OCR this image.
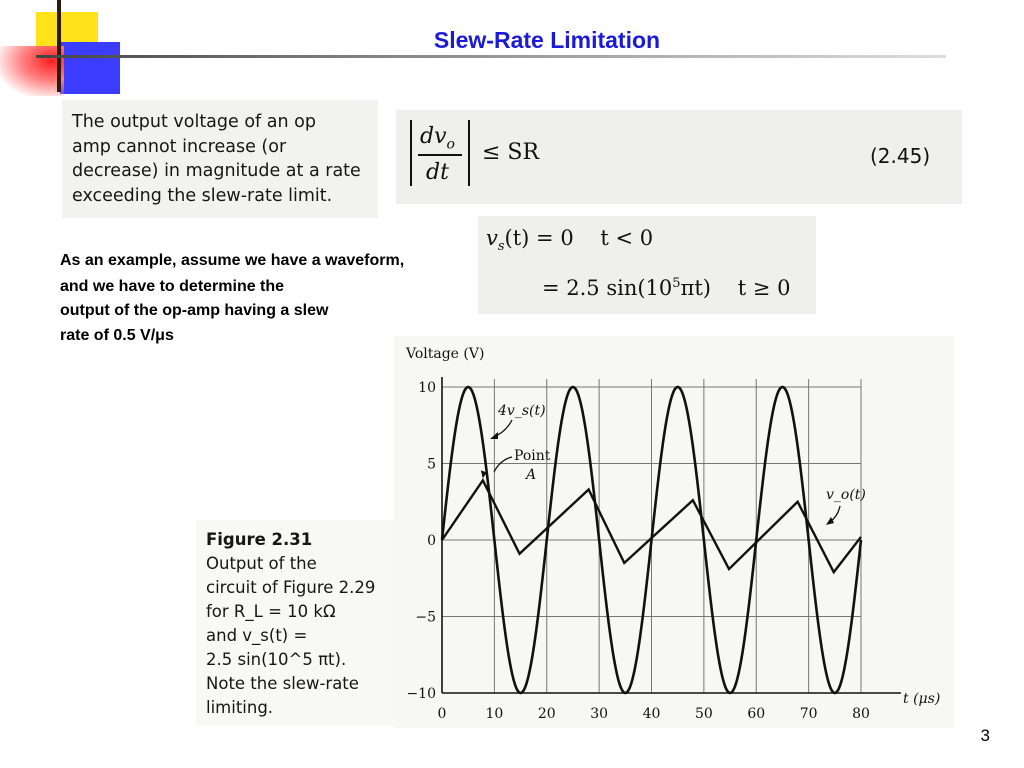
Slew-Rate Limitation
The output voltage of an op
amp cannot increase (or
decrease) in magnitude at a rate
exceeding the slew-rate limit.
$dv_o$
dt
≤ SR	(2.45)
$v_s(t) = 0$    t < 0
= 2.5 $\sin(10^5\pi t)$    t ≥ 0
As an example, assume we have a waveform,
and we have to determine the
output of the op-amp having a slew
rate of 0.5 V/μs
Figure 2.31
Output of the
circuit of Figure 2.29
for R_L = 10 kΩ
and v_s(t) =
2.5 sin(10^5 πt).
Note the slew-rate
limiting.	0	10 20 30 40 50 60 70 80
10
5
0
−5
−10
Voltage (V)
t (μs)
4v_s(t)
Point
A
v_o(t)
3
